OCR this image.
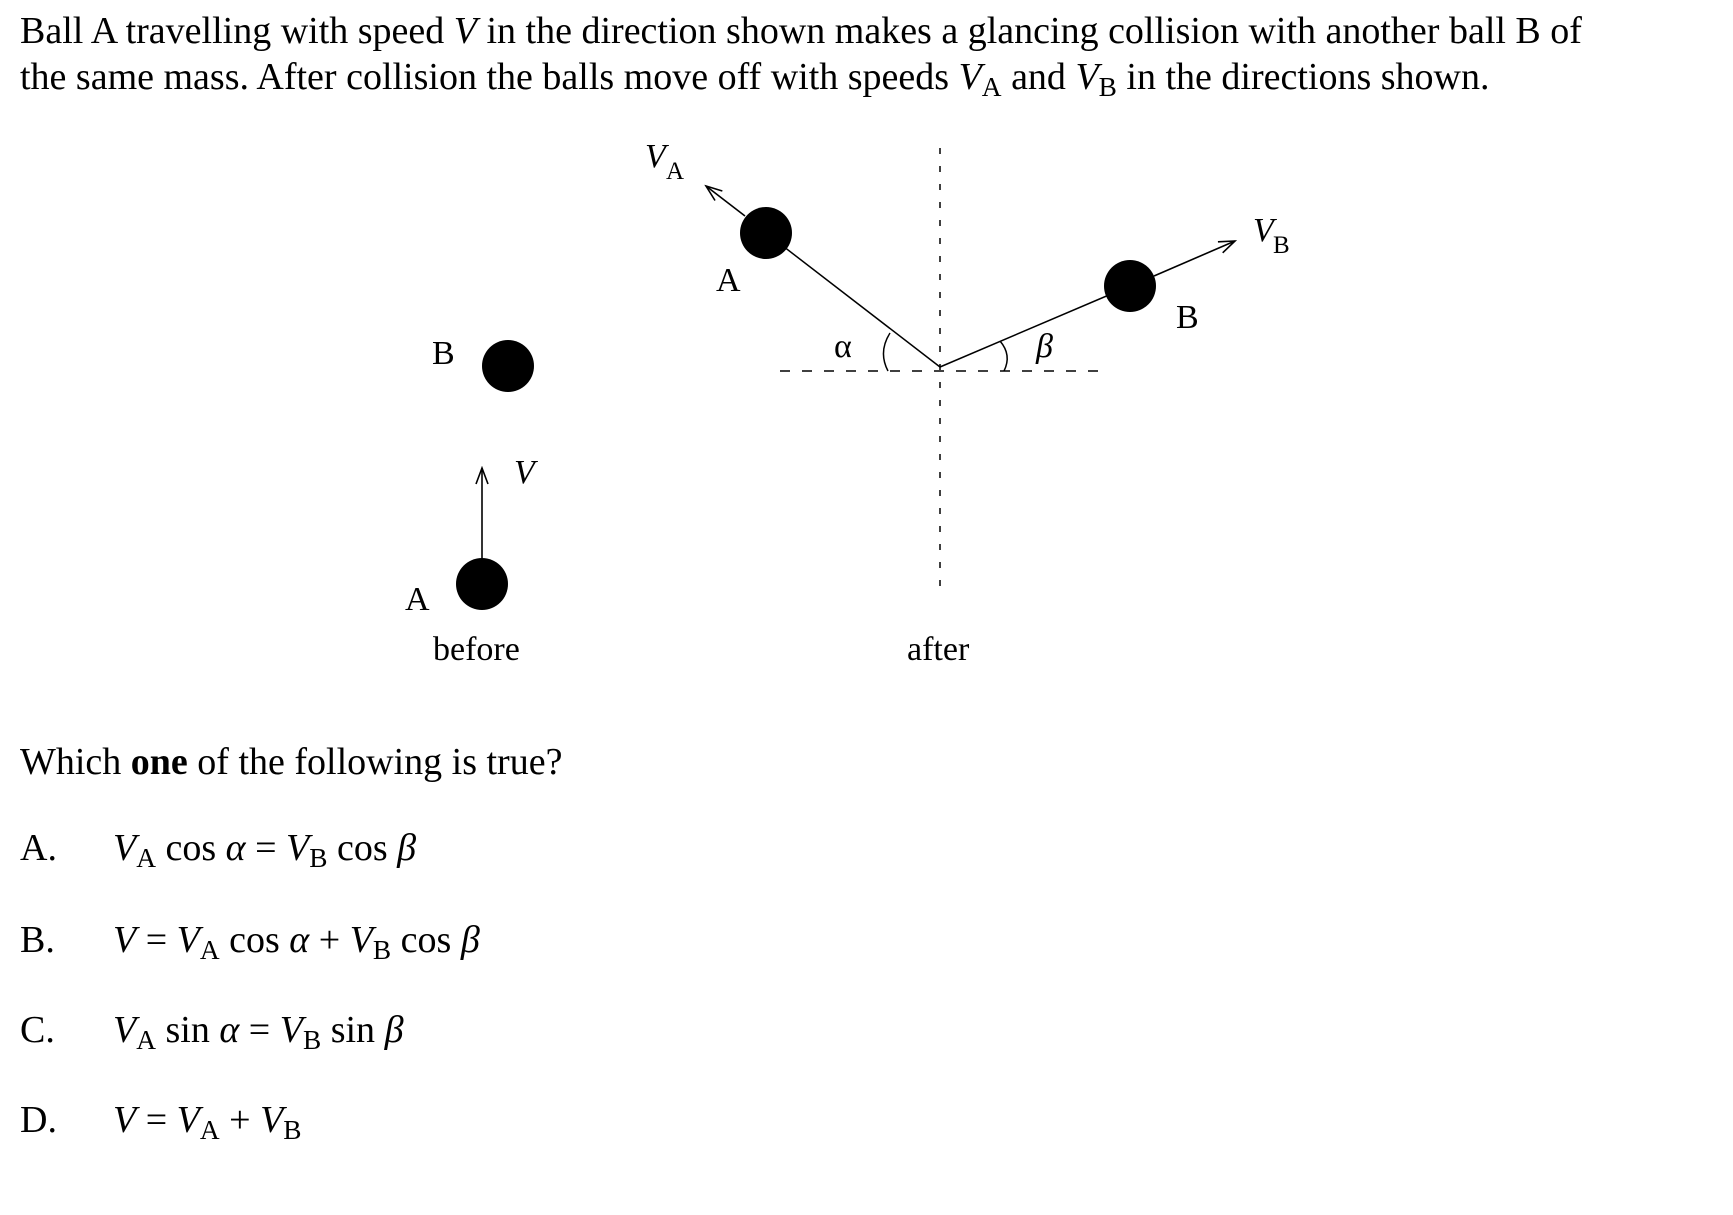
Ball A travelling with speed V in the direction shown makes a glancing collision with another ball B of
the same mass. After collision the balls move off with speeds $V_A$ and $V_B$ in the directions shown.
B
V
A
before
V A
A
V B
B
α	β
after
Which one of the following is true?
A. $V_A$ $\cos \alpha = V_B$ cos β
B. $V = V_A$ $\cos \alpha + V_B$ cos β
C. $V_A$ $\sin \alpha = V_B$ sin β
D. $V = V_A + V_B$
